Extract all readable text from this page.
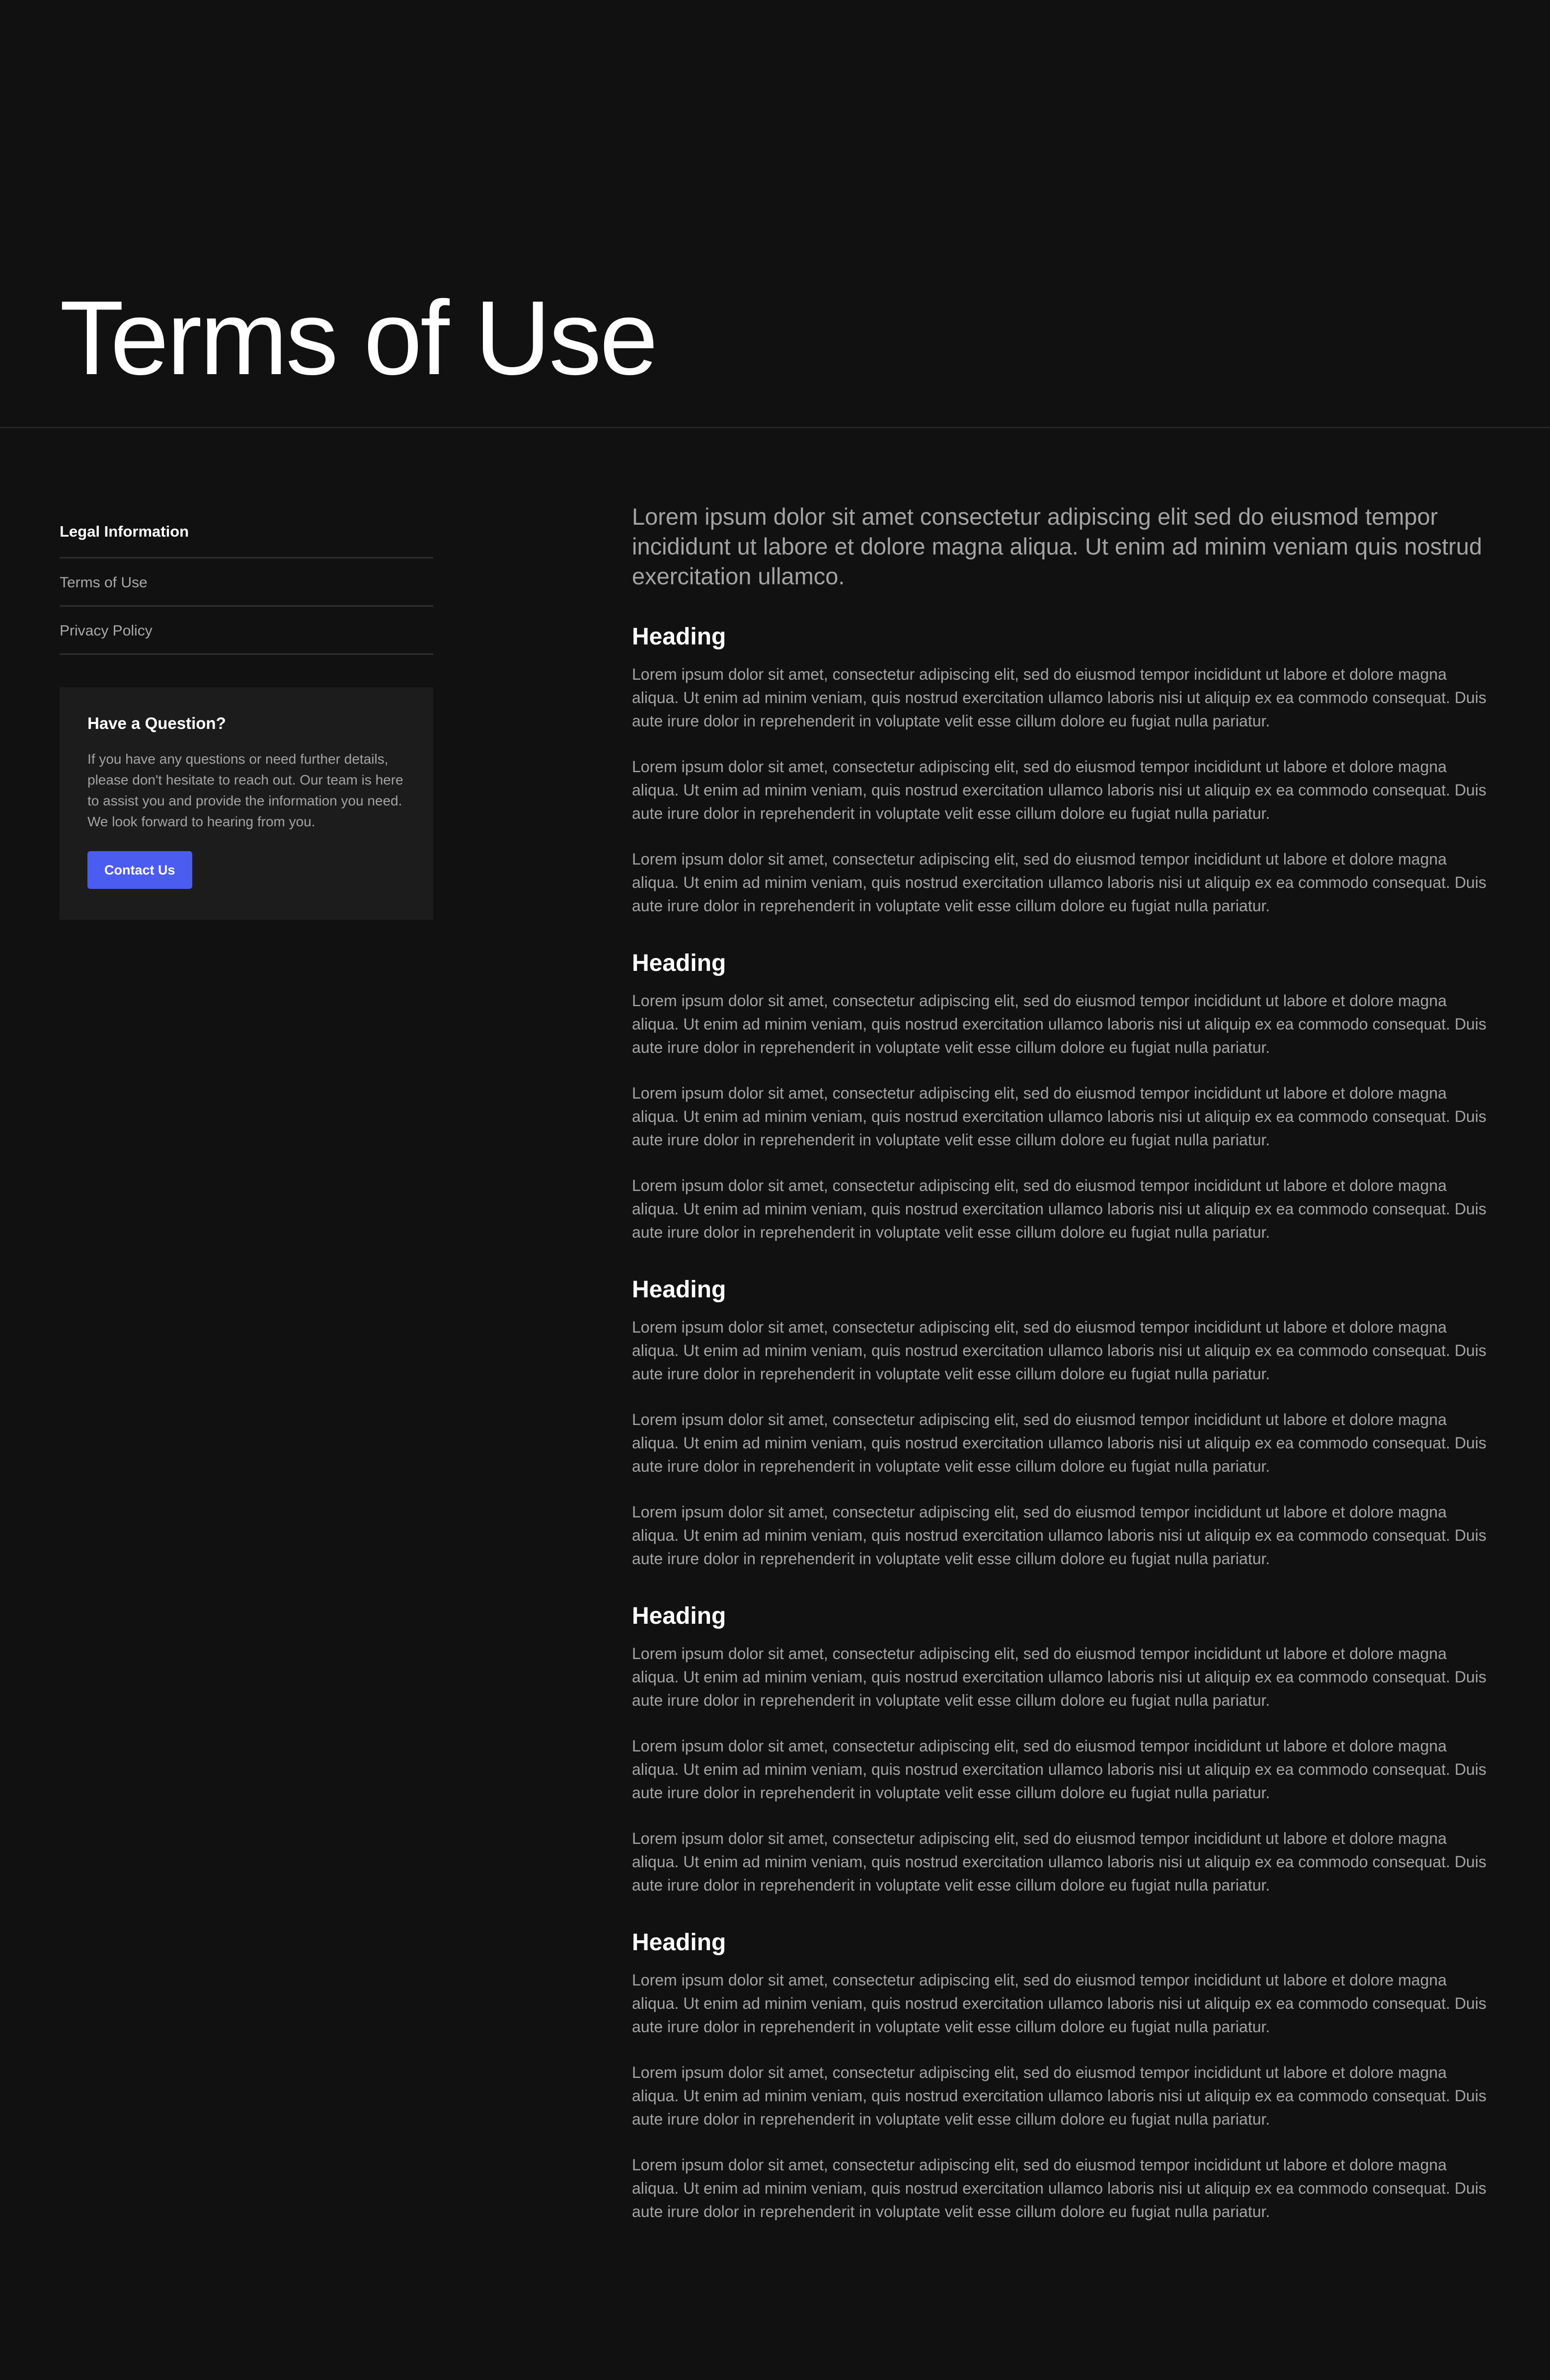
Terms of Use
Legal Information
Terms of Use
Privacy Policy
Have a Question?

If you have any questions or need further details, please don't hesitate to reach out. Our team is here to assist you and provide the information you need. We look forward to hearing from you.

Contact Us

Lorem ipsum dolor sit amet consectetur adipiscing elit sed do eiusmod tempor incididunt ut labore et dolore magna aliqua. Ut enim ad minim veniam quis nostrud exercitation ullamco.

Heading

Lorem ipsum dolor sit amet, consectetur adipiscing elit, sed do eiusmod tempor incididunt ut labore et dolore magna aliqua. Ut enim ad minim veniam, quis nostrud exercitation ullamco laboris nisi ut aliquip ex ea commodo consequat. Duis aute irure dolor in reprehenderit in voluptate velit esse cillum dolore eu fugiat nulla pariatur.

Lorem ipsum dolor sit amet, consectetur adipiscing elit, sed do eiusmod tempor incididunt ut labore et dolore magna aliqua. Ut enim ad minim veniam, quis nostrud exercitation ullamco laboris nisi ut aliquip ex ea commodo consequat. Duis aute irure dolor in reprehenderit in voluptate velit esse cillum dolore eu fugiat nulla pariatur.

Lorem ipsum dolor sit amet, consectetur adipiscing elit, sed do eiusmod tempor incididunt ut labore et dolore magna aliqua. Ut enim ad minim veniam, quis nostrud exercitation ullamco laboris nisi ut aliquip ex ea commodo consequat. Duis aute irure dolor in reprehenderit in voluptate velit esse cillum dolore eu fugiat nulla pariatur.

Heading

Lorem ipsum dolor sit amet, consectetur adipiscing elit, sed do eiusmod tempor incididunt ut labore et dolore magna aliqua. Ut enim ad minim veniam, quis nostrud exercitation ullamco laboris nisi ut aliquip ex ea commodo consequat. Duis aute irure dolor in reprehenderit in voluptate velit esse cillum dolore eu fugiat nulla pariatur.

Lorem ipsum dolor sit amet, consectetur adipiscing elit, sed do eiusmod tempor incididunt ut labore et dolore magna aliqua. Ut enim ad minim veniam, quis nostrud exercitation ullamco laboris nisi ut aliquip ex ea commodo consequat. Duis aute irure dolor in reprehenderit in voluptate velit esse cillum dolore eu fugiat nulla pariatur.

Lorem ipsum dolor sit amet, consectetur adipiscing elit, sed do eiusmod tempor incididunt ut labore et dolore magna aliqua. Ut enim ad minim veniam, quis nostrud exercitation ullamco laboris nisi ut aliquip ex ea commodo consequat. Duis aute irure dolor in reprehenderit in voluptate velit esse cillum dolore eu fugiat nulla pariatur.

Heading

Lorem ipsum dolor sit amet, consectetur adipiscing elit, sed do eiusmod tempor incididunt ut labore et dolore magna aliqua. Ut enim ad minim veniam, quis nostrud exercitation ullamco laboris nisi ut aliquip ex ea commodo consequat. Duis aute irure dolor in reprehenderit in voluptate velit esse cillum dolore eu fugiat nulla pariatur.

Lorem ipsum dolor sit amet, consectetur adipiscing elit, sed do eiusmod tempor incididunt ut labore et dolore magna aliqua. Ut enim ad minim veniam, quis nostrud exercitation ullamco laboris nisi ut aliquip ex ea commodo consequat. Duis aute irure dolor in reprehenderit in voluptate velit esse cillum dolore eu fugiat nulla pariatur.

Lorem ipsum dolor sit amet, consectetur adipiscing elit, sed do eiusmod tempor incididunt ut labore et dolore magna aliqua. Ut enim ad minim veniam, quis nostrud exercitation ullamco laboris nisi ut aliquip ex ea commodo consequat. Duis aute irure dolor in reprehenderit in voluptate velit esse cillum dolore eu fugiat nulla pariatur.

Heading

Lorem ipsum dolor sit amet, consectetur adipiscing elit, sed do eiusmod tempor incididunt ut labore et dolore magna aliqua. Ut enim ad minim veniam, quis nostrud exercitation ullamco laboris nisi ut aliquip ex ea commodo consequat. Duis aute irure dolor in reprehenderit in voluptate velit esse cillum dolore eu fugiat nulla pariatur.

Lorem ipsum dolor sit amet, consectetur adipiscing elit, sed do eiusmod tempor incididunt ut labore et dolore magna aliqua. Ut enim ad minim veniam, quis nostrud exercitation ullamco laboris nisi ut aliquip ex ea commodo consequat. Duis aute irure dolor in reprehenderit in voluptate velit esse cillum dolore eu fugiat nulla pariatur.

Lorem ipsum dolor sit amet, consectetur adipiscing elit, sed do eiusmod tempor incididunt ut labore et dolore magna aliqua. Ut enim ad minim veniam, quis nostrud exercitation ullamco laboris nisi ut aliquip ex ea commodo consequat. Duis aute irure dolor in reprehenderit in voluptate velit esse cillum dolore eu fugiat nulla pariatur.

Heading

Lorem ipsum dolor sit amet, consectetur adipiscing elit, sed do eiusmod tempor incididunt ut labore et dolore magna aliqua. Ut enim ad minim veniam, quis nostrud exercitation ullamco laboris nisi ut aliquip ex ea commodo consequat. Duis aute irure dolor in reprehenderit in voluptate velit esse cillum dolore eu fugiat nulla pariatur.

Lorem ipsum dolor sit amet, consectetur adipiscing elit, sed do eiusmod tempor incididunt ut labore et dolore magna aliqua. Ut enim ad minim veniam, quis nostrud exercitation ullamco laboris nisi ut aliquip ex ea commodo consequat. Duis aute irure dolor in reprehenderit in voluptate velit esse cillum dolore eu fugiat nulla pariatur.

Lorem ipsum dolor sit amet, consectetur adipiscing elit, sed do eiusmod tempor incididunt ut labore et dolore magna aliqua. Ut enim ad minim veniam, quis nostrud exercitation ullamco laboris nisi ut aliquip ex ea commodo consequat. Duis aute irure dolor in reprehenderit in voluptate velit esse cillum dolore eu fugiat nulla pariatur.
